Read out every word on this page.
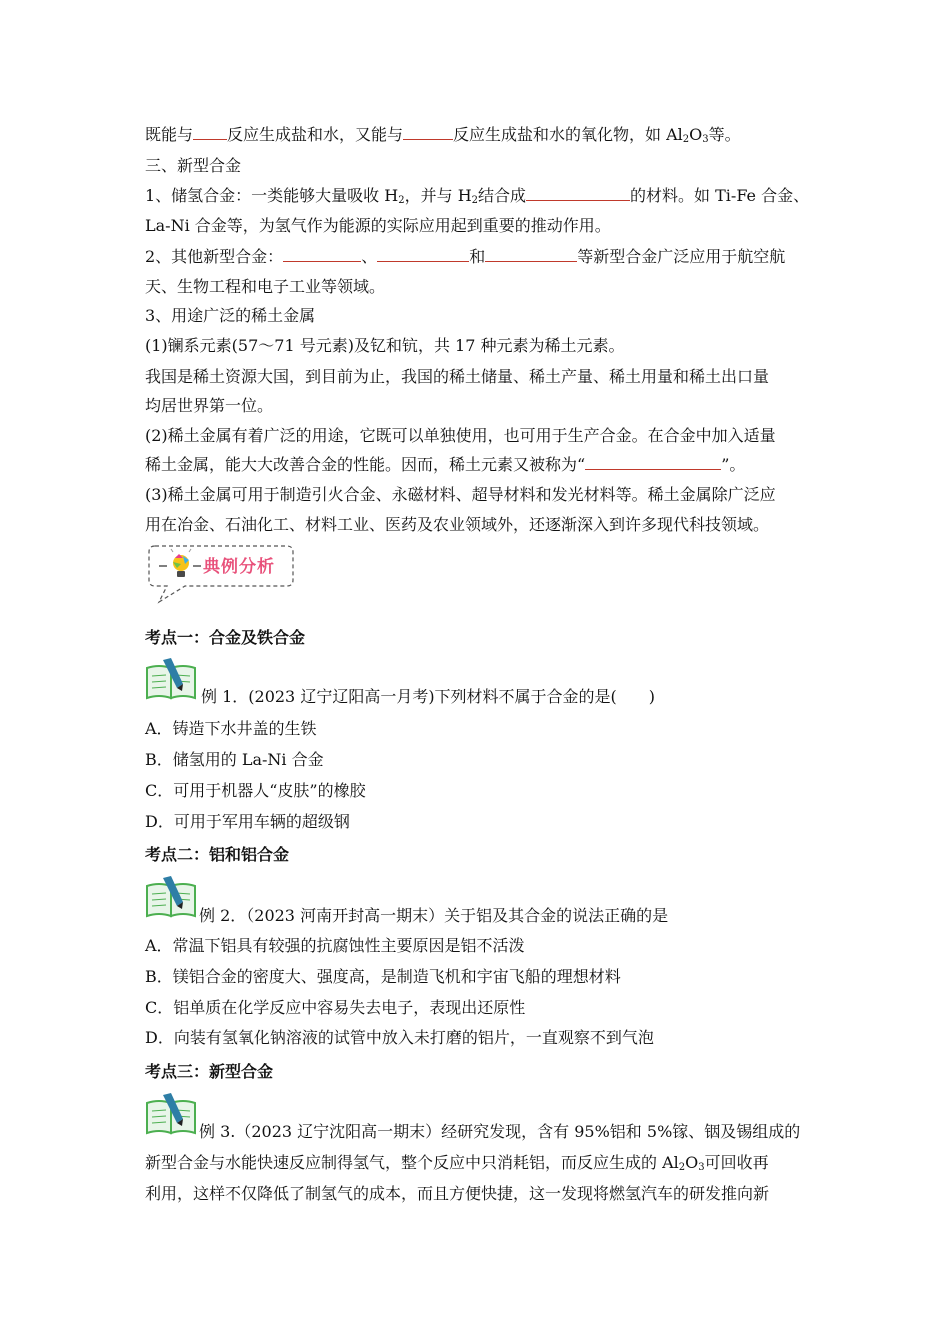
既能与 反应生成盐和水，又能与	反应生成盐和水的氧化物，如 $Al_2O_3$等。
三、新型合金
1、储氢合金：一类能够大量吸收 $H_2$，并与 $H_2$结合成	的材料。如 Ti-Fe 合金、
La-Ni 合金等，为氢气作为能源的实际应用起到重要的推动作用。
2、其他新型合金：	、	和	等新型合金广泛应用于航空航
天、生物工程和电子工业等领域。
3、用途广泛的稀土金属
(1)镧系元素(57～71 号元素)及钇和钪，共 17 种元素为稀土元素。
我国是稀土资源大国，到目前为止，我国的稀土储量、稀土产量、稀土用量和稀土出口量
均居世界第一位。
(2)稀土金属有着广泛的用途，它既可以单独使用，也可用于生产合金。在合金中加入适量
稀土金属，能大大改善合金的性能。因而，稀土元素又被称为“	”。
(3)稀土金属可用于制造引火合金、永磁材料、超导材料和发光材料等。稀土金属除广泛应
用在冶金、石油化工、材料工业、医药及农业领域外，还逐渐深入到许多现代科技领域。
典例分析
考点一：合金及铁合金
例 1．(2023 辽宁辽阳高一月考)下列材料不属于合金的是(　　)
A．铸造下水井盖的生铁
B．储氢用的 La-Ni 合金
C．可用于机器人“皮肤”的橡胶
D．可用于军用车辆的超级钢
考点二：铝和铝合金
例 2．（2023 河南开封高一期末）关于铝及其合金的说法正确的是
A．常温下铝具有较强的抗腐蚀性主要原因是铝不活泼
B．镁铝合金的密度大、强度高，是制造飞机和宇宙飞船的理想材料
C．铝单质在化学反应中容易失去电子，表现出还原性
D．向装有氢氧化钠溶液的试管中放入未打磨的铝片，一直观察不到气泡
考点三：新型合金
例 3.（2023 辽宁沈阳高一期末）经研究发现，含有 95%铝和 5%镓、铟及锡组成的
新型合金与水能快速反应制得氢气，整个反应中只消耗铝，而反应生成的 $Al_2O_3$可回收再
利用，这样不仅降低了制氢气的成本，而且方便快捷，这一发现将燃氢汽车的研发推向新
